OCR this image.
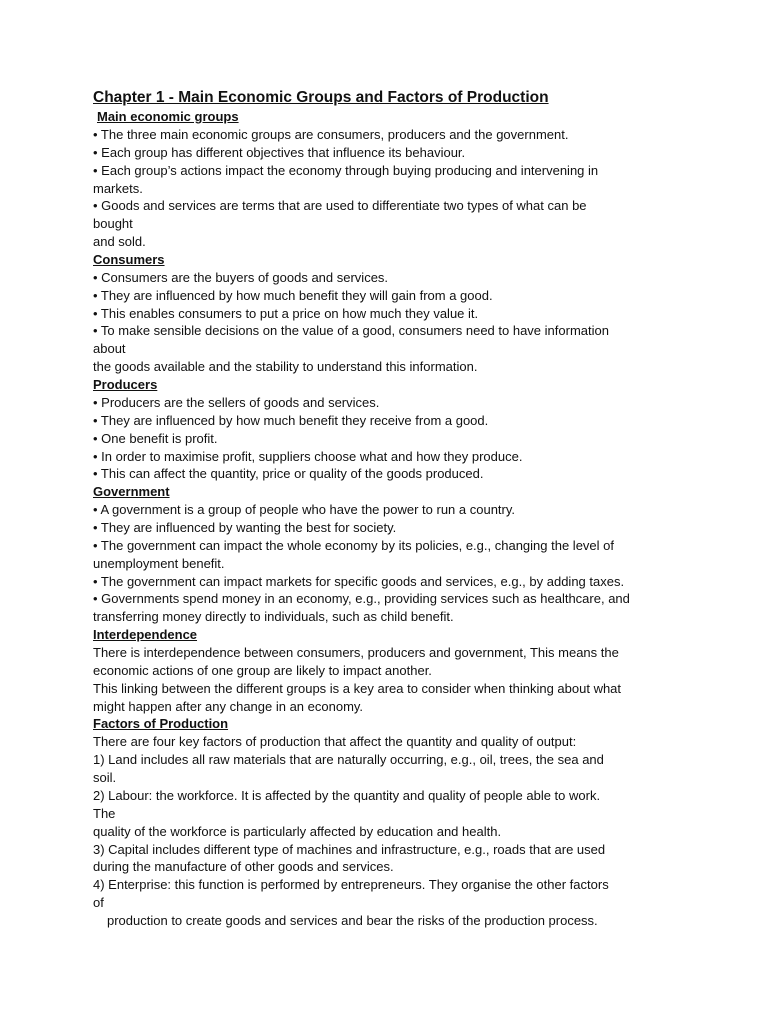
Chapter 1 - Main Economic Groups and Factors of Production

Main economic groups

• The three main economic groups are consumers, producers and the government.

• Each group has different objectives that influence its behaviour.

• Each group’s actions impact the economy through buying producing and intervening in

markets.

• Goods and services are terms that are used to differentiate two types of what can be

bought

and sold.

Consumers

• Consumers are the buyers of goods and services.

• They are influenced by how much benefit they will gain from a good.

• This enables consumers to put a price on how much they value it.

• To make sensible decisions on the value of a good, consumers need to have information

about

the goods available and the stability to understand this information.

Producers

• Producers are the sellers of goods and services.

• They are influenced by how much benefit they receive from a good.

• One benefit is profit.

• In order to maximise profit, suppliers choose what and how they produce.

• This can affect the quantity, price or quality of the goods produced.

Government

• A government is a group of people who have the power to run a country.

• They are influenced by wanting the best for society.

• The government can impact the whole economy by its policies, e.g., changing the level of

unemployment benefit.

• The government can impact markets for specific goods and services, e.g., by adding taxes.

• Governments spend money in an economy, e.g., providing services such as healthcare, and

transferring money directly to individuals, such as child benefit.

Interdependence

There is interdependence between consumers, producers and government, This means the

economic actions of one group are likely to impact another.

This linking between the different groups is a key area to consider when thinking about what

might happen after any change in an economy.

Factors of Production

There are four key factors of production that affect the quantity and quality of output:

1) Land includes all raw materials that are naturally occurring, e.g., oil, trees, the sea and

soil.

2) Labour: the workforce. It is affected by the quantity and quality of people able to work.

The

quality of the workforce is particularly affected by education and health.

3) Capital includes different type of machines and infrastructure, e.g., roads that are used

during the manufacture of other goods and services.

4) Enterprise: this function is performed by entrepreneurs. They organise the other factors

of

production to create goods and services and bear the risks of the production process.
